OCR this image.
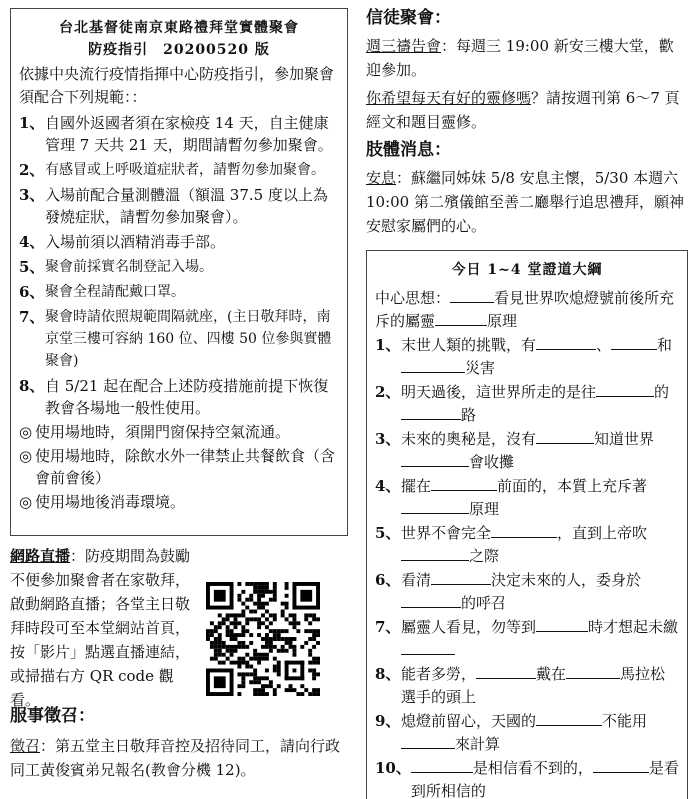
台北基督徒南京東路禮拜堂實體聚會
防疫指引　20200520 版
依據中央流行疫情指揮中心防疫指引，參加聚會須配合下列規範：：
1、 自國外返國者須在家檢疫 14 天，自主健康管理 7 天共 21 天，期間請暫勿參加聚會。
2、 有感冒或上呼吸道症狀者，請暫勿參加聚會。
3、 入場前配合量測體溫（額溫 37.5 度以上為發燒症狀，請暫勿參加聚會）。
4、 入場前須以酒精消毒手部。
5、 聚會前採實名制登記入場。
6、 聚會全程請配戴口罩。
7、 聚會時請依照規範間隔就座，(主日敬拜時，南京堂三樓可容納 160 位、四樓 50 位參與實體聚會)
8、 自 5/21 起在配合上述防疫措施前提下恢復教會各場地一般性使用。
◎ 使用場地時，須開門窗保持空氣流通。
◎ 使用場地時，除飲水外一律禁止共餐飲食（含會前會後）
◎ 使用場地後消毒環境。
網路直播：防疫期間為鼓勵不便參加聚會者在家敬拜，啟動網路直播；各堂主日敬拜時段可至本堂網站首頁，按「影片」點選直播連結，或掃描右方 QR code 觀看。
服事徵召：
徵召：第五堂主日敬拜音控及招待同工，請向行政同工黃俊賓弟兄報名(教會分機 12)。
信徒聚會：
週三禱告會：每週三 19:00 新安三樓大堂，歡迎參加。
你希望每天有好的靈修嗎？請按週刊第 6～7 頁經文和題目靈修。
肢體消息：
安息：蘇繼同姊妹 5/8 安息主懷，5/30 本週六 10:00 第二殯儀館至善二廳舉行追思禮拜，願神安慰家屬們的心。
今日 1~4 堂證道大綱
中心思想：	看見世界吹熄燈號前後所充斥的屬靈	原理
1、 末世人類的挑戰，有	、	和災害
2、 明天過後，這世界所走的是往	的路
3、 未來的奧秘是，沒有	知道世界會收攤
4、 擺在	前面的，本質上充斥著原理
5、 世界不會完全	，直到上帝吹之際
6、 看清	決定未來的人，委身於的呼召
7、 屬靈人看見，勿等到	時才想起未繳
8、 能者多勞，	戴在	馬拉松選手的頭上
9、 熄燈前留心，天國的	不能用來計算
10、	是相信看不到的，	是看到所相信的
